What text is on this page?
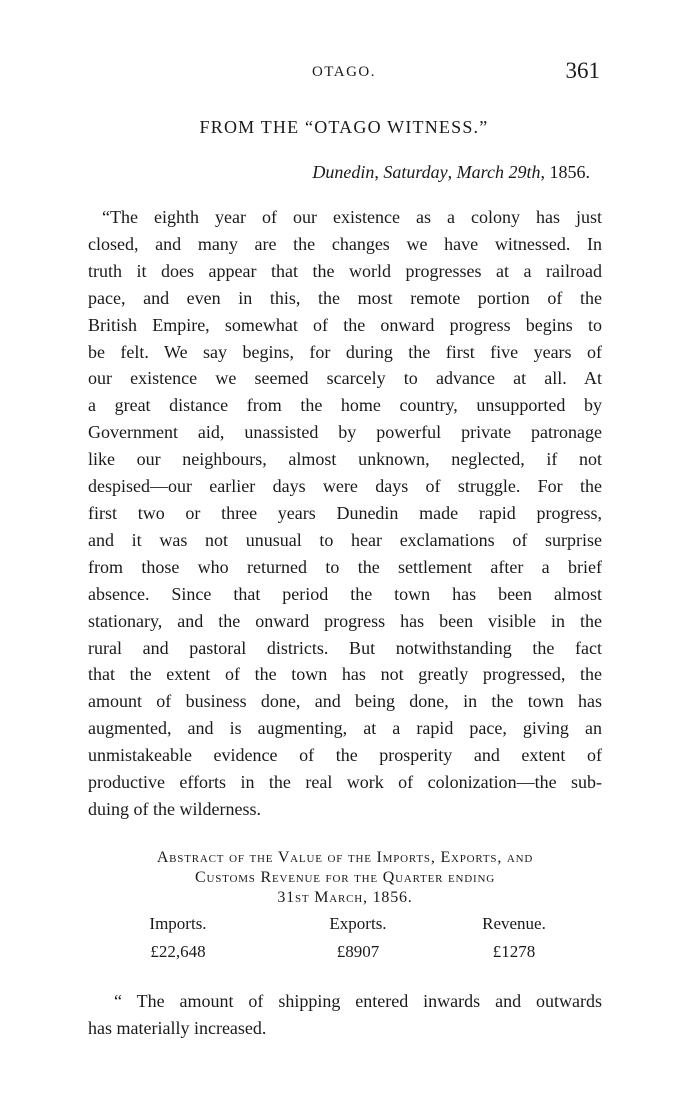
OTAGO.	361
FROM THE “OTAGO WITNESS.”
Dunedin, Saturday, March 29th, 1856.
“The eighth year of our existence as a colony has just
closed, and many are the changes we have witnessed. In
truth it does appear that the world progresses at a railroad
pace, and even in this, the most remote portion of the
British Empire, somewhat of the onward progress begins to
be felt. We say begins, for during the first five years of
our existence we seemed scarcely to advance at all. At
a great distance from the home country, unsupported by
Government aid, unassisted by powerful private patronage
like our neighbours, almost unknown, neglected, if not
despised—our earlier days were days of struggle. For the
first two or three years Dunedin made rapid progress,
and it was not unusual to hear exclamations of surprise
from those who returned to the settlement after a brief
absence. Since that period the town has been almost
stationary, and the onward progress has been visible in the
rural and pastoral districts. But notwithstanding the fact
that the extent of the town has not greatly progressed, the
amount of business done, and being done, in the town has
augmented, and is augmenting, at a rapid pace, giving an
unmistakeable evidence of the prosperity and extent of
productive efforts in the real work of colonization—the sub-
duing of the wilderness.
Abstract of the Value of the Imports, Exports, and
Customs Revenue for the Quarter ending
31st March, 1856.
Imports.	Exports.	Revenue.
£22,648	£8907	£1278
“ The amount of shipping entered inwards and outwards
has materially increased.
